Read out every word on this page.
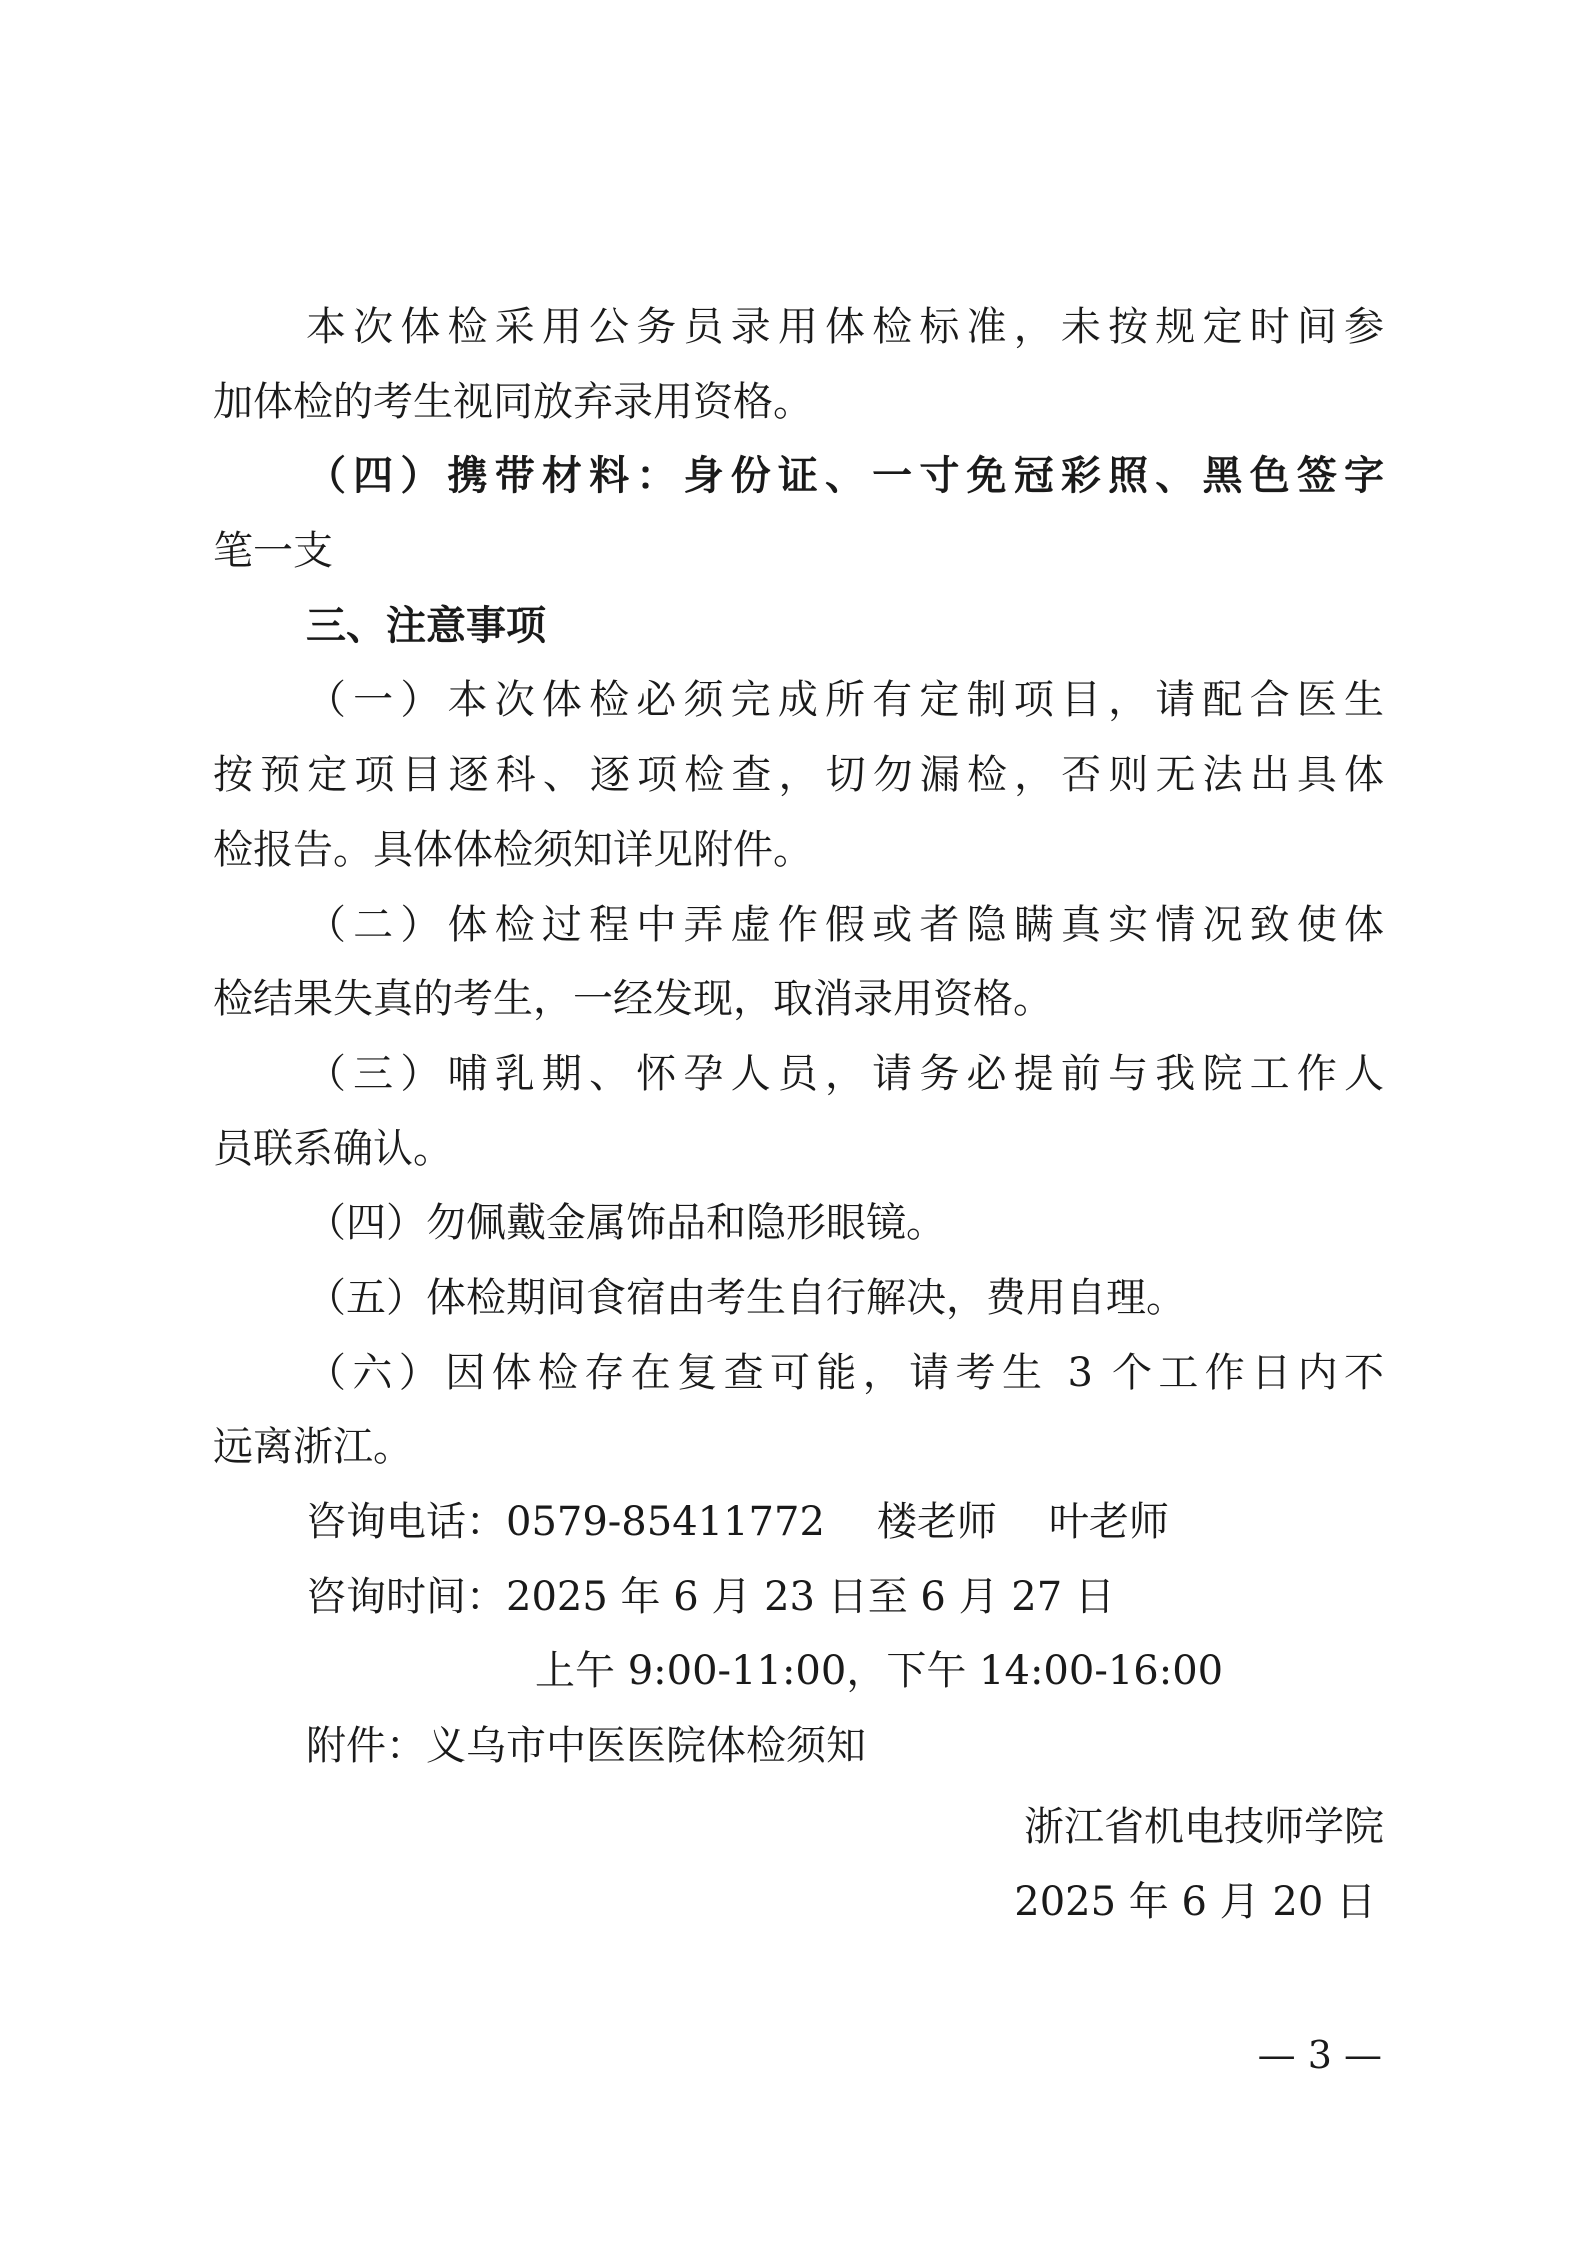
本次体检采用公务员录用体检标准，未按规定时间参
加体检的考生视同放弃录用资格。
（四）携带材料：身份证、一寸免冠彩照、黑色签字
笔一支
三、注意事项
（一）本次体检必须完成所有定制项目，请配合医生
按预定项目逐科、逐项检查，切勿漏检，否则无法出具体
检报告。具体体检须知详见附件。
（二）体检过程中弄虚作假或者隐瞒真实情况致使体
检结果失真的考生，一经发现，取消录用资格。
（三）哺乳期、怀孕人员，请务必提前与我院工作人
员联系确认。
（四）勿佩戴金属饰品和隐形眼镜。
（五）体检期间食宿由考生自行解决，费用自理。
（六）因体检存在复查可能，请考生 3 个工作日内不
远离浙江。
咨询电话：0579-85411772 楼老师 叶老师
咨询时间：2025 年 6 月 23 日至 6 月 27 日
上午 9:00-11:00，下午 14:00-16:00
附件：义乌市中医医院体检须知
浙江省机电技师学院
2025 年 6 月 20 日
— 3 —
